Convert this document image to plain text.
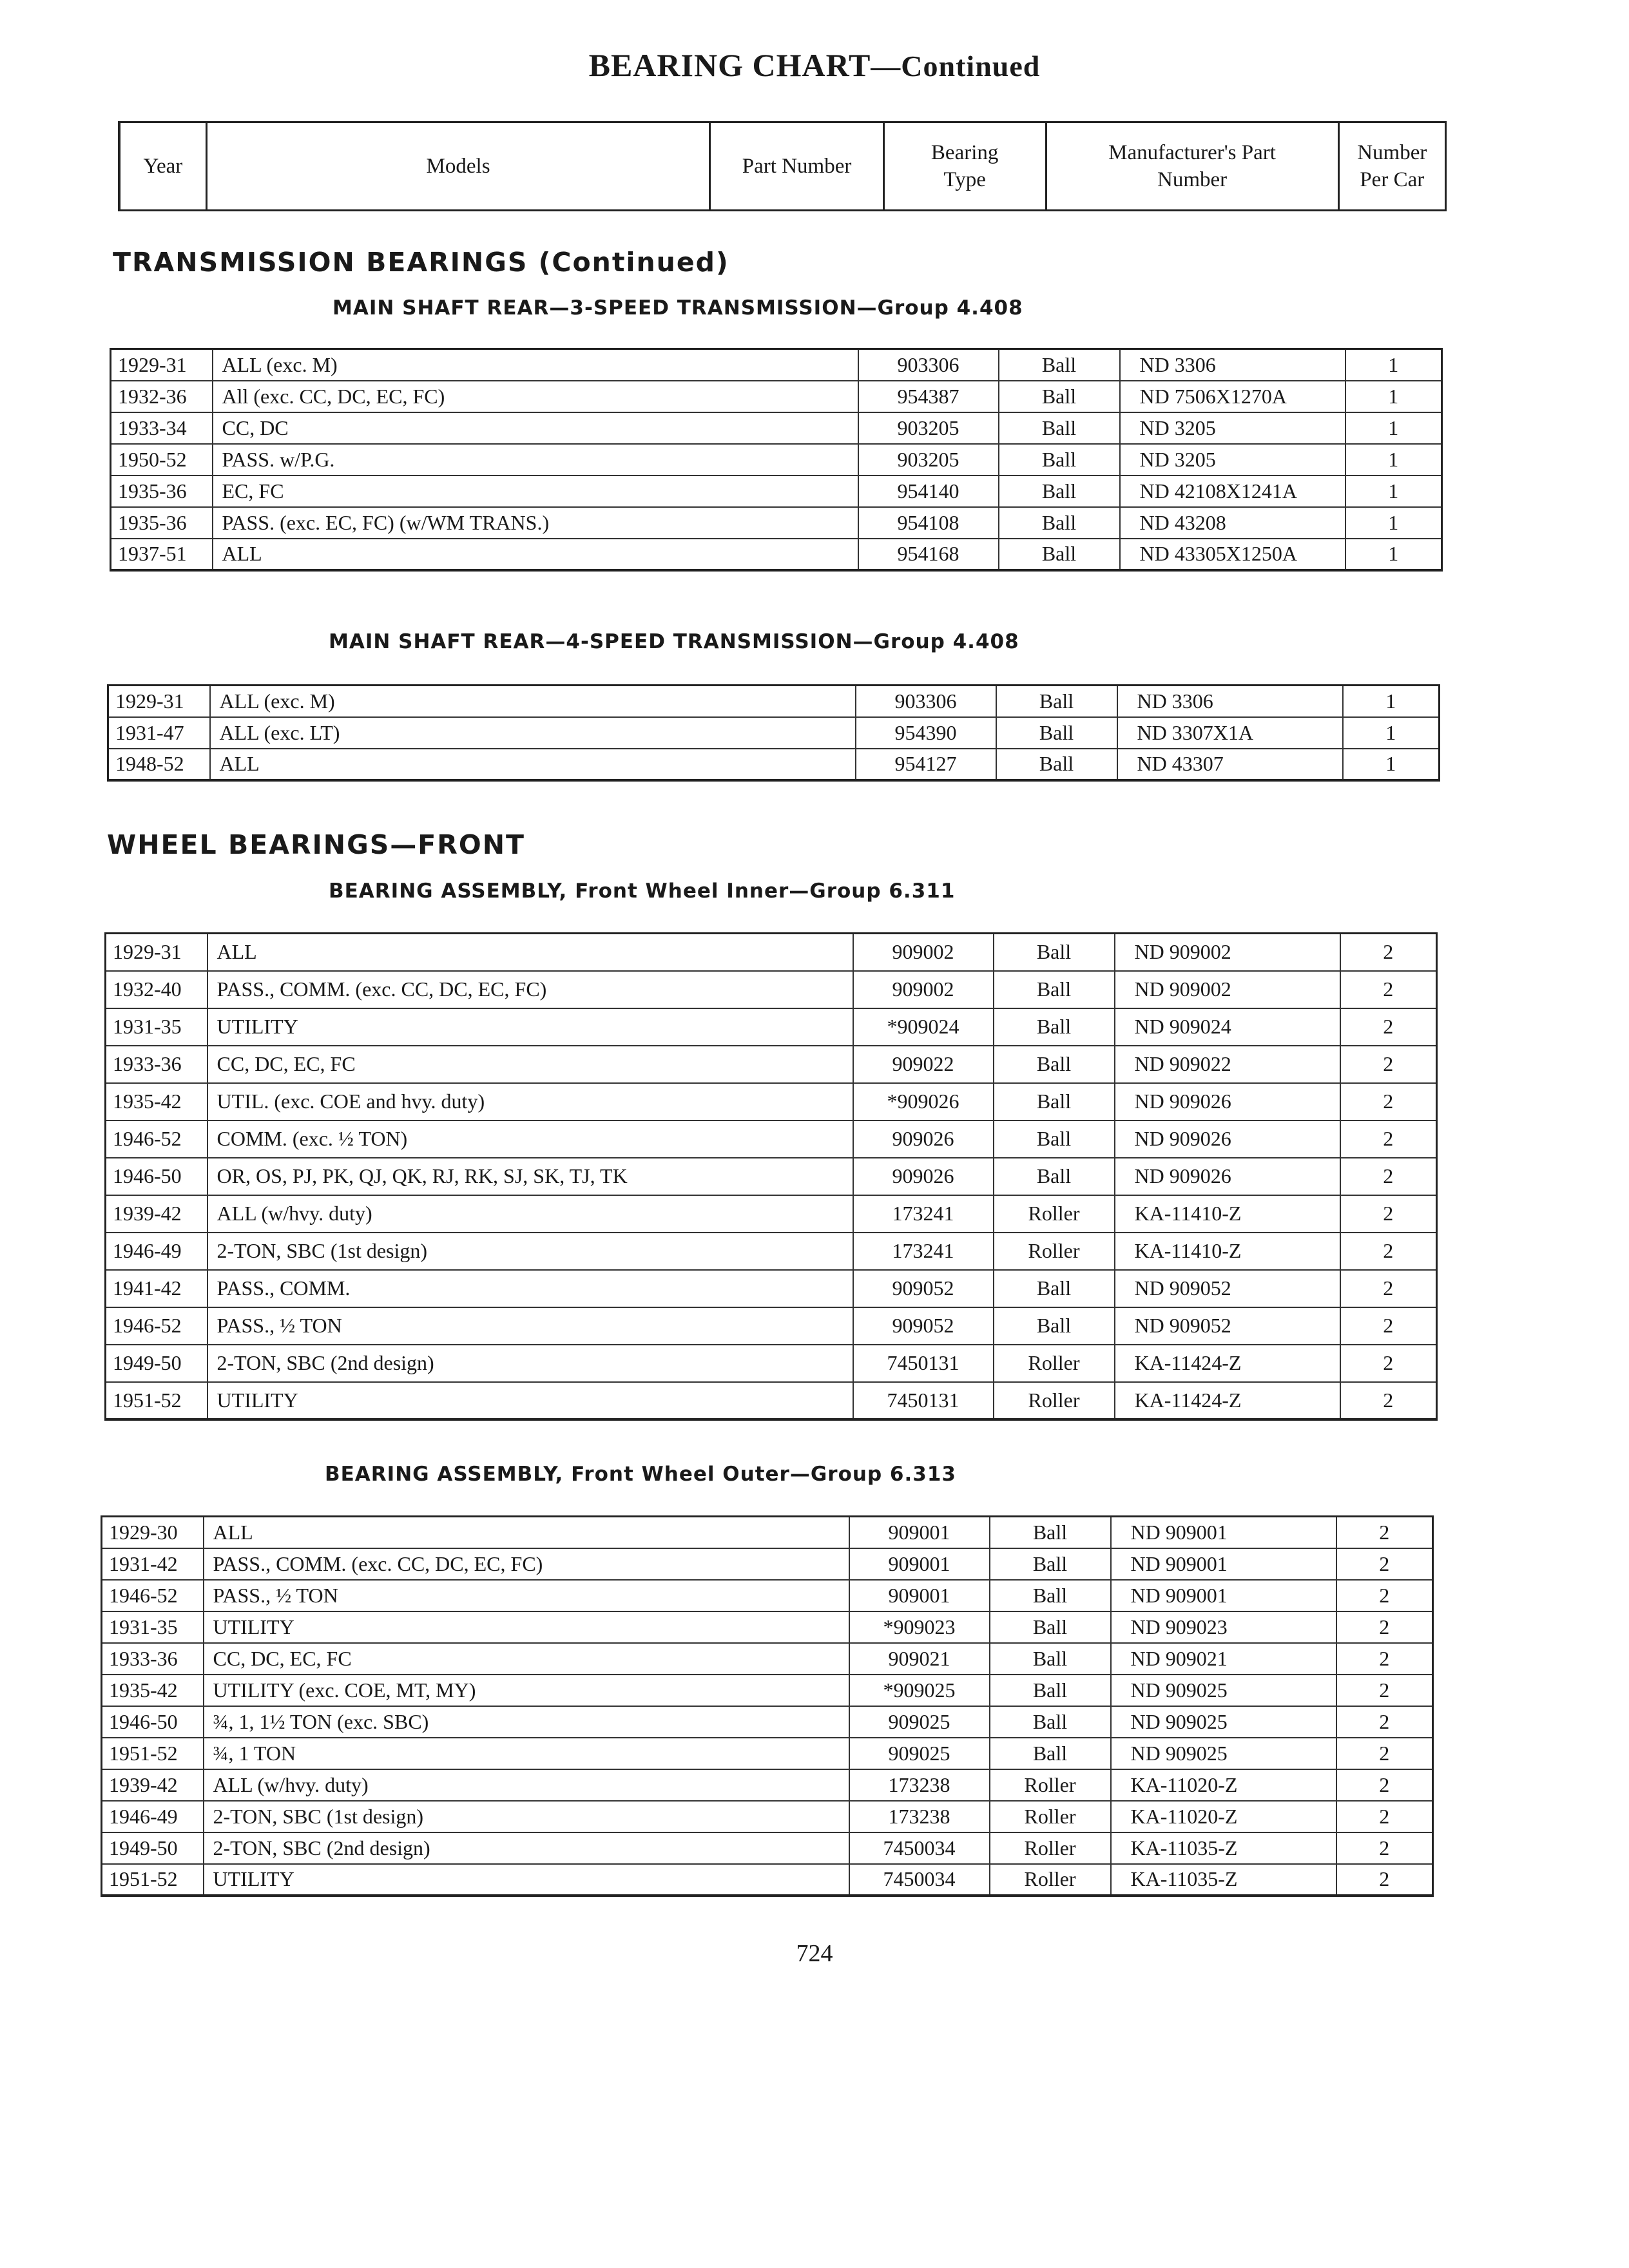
BEARING CHART—Continued
Year	Models	Part Number	Bearing Type	Manufacturer's Part Number	Number Per Car
TRANSMISSION BEARINGS (Continued)
MAIN SHAFT REAR—3-SPEED TRANSMISSION—Group 4.408
1929-31	ALL (exc. M)	903306	Ball	ND 3306	1
1932-36	All (exc. CC, DC, EC, FC)	954387	Ball	ND 7506X1270A	1
1933-34	CC, DC	903205	Ball	ND 3205	1
1950-52	PASS. w/P.G.	903205	Ball	ND 3205	1
1935-36	EC, FC	954140	Ball	ND 42108X1241A	1
1935-36	PASS. (exc. EC, FC) (w/WM TRANS.)	954108	Ball	ND 43208	1
1937-51	ALL	954168	Ball	ND 43305X1250A	1
MAIN SHAFT REAR—4-SPEED TRANSMISSION—Group 4.408
1929-31	ALL (exc. M)	903306	Ball	ND 3306	1
1931-47	ALL (exc. LT)	954390	Ball	ND 3307X1A	1
1948-52	ALL	954127	Ball	ND 43307	1
WHEEL BEARINGS—FRONT
BEARING ASSEMBLY, Front Wheel Inner—Group 6.311
1929-31	ALL	909002	Ball	ND 909002	2
1932-40	PASS., COMM. (exc. CC, DC, EC, FC)	909002	Ball	ND 909002	2
1931-35	UTILITY	*909024	Ball	ND 909024	2
1933-36	CC, DC, EC, FC	909022	Ball	ND 909022	2
1935-42	UTIL. (exc. COE and hvy. duty)	*909026	Ball	ND 909026	2
1946-52	COMM. (exc. ½ TON)	909026	Ball	ND 909026	2
1946-50	OR, OS, PJ, PK, QJ, QK, RJ, RK, SJ, SK, TJ, TK	909026	Ball	ND 909026	2
1939-42	ALL (w/hvy. duty)	173241	Roller	KA-11410-Z	2
1946-49	2-TON, SBC (1st design)	173241	Roller	KA-11410-Z	2
1941-42	PASS., COMM.	909052	Ball	ND 909052	2
1946-52	PASS., ½ TON	909052	Ball	ND 909052	2
1949-50	2-TON, SBC (2nd design)	7450131	Roller	KA-11424-Z	2
1951-52	UTILITY	7450131	Roller	KA-11424-Z	2
BEARING ASSEMBLY, Front Wheel Outer—Group 6.313
1929-30	ALL	909001	Ball	ND 909001	2
1931-42	PASS., COMM. (exc. CC, DC, EC, FC)	909001	Ball	ND 909001	2
1946-52	PASS., ½ TON	909001	Ball	ND 909001	2
1931-35	UTILITY	*909023	Ball	ND 909023	2
1933-36	CC, DC, EC, FC	909021	Ball	ND 909021	2
1935-42	UTILITY (exc. COE, MT, MY)	*909025	Ball	ND 909025	2
1946-50	¾, 1, 1½ TON (exc. SBC)	909025	Ball	ND 909025	2
1951-52	¾, 1 TON	909025	Ball	ND 909025	2
1939-42	ALL (w/hvy. duty)	173238	Roller	KA-11020-Z	2
1946-49	2-TON, SBC (1st design)	173238	Roller	KA-11020-Z	2
1949-50	2-TON, SBC (2nd design)	7450034	Roller	KA-11035-Z	2
1951-52	UTILITY	7450034	Roller	KA-11035-Z	2
724
